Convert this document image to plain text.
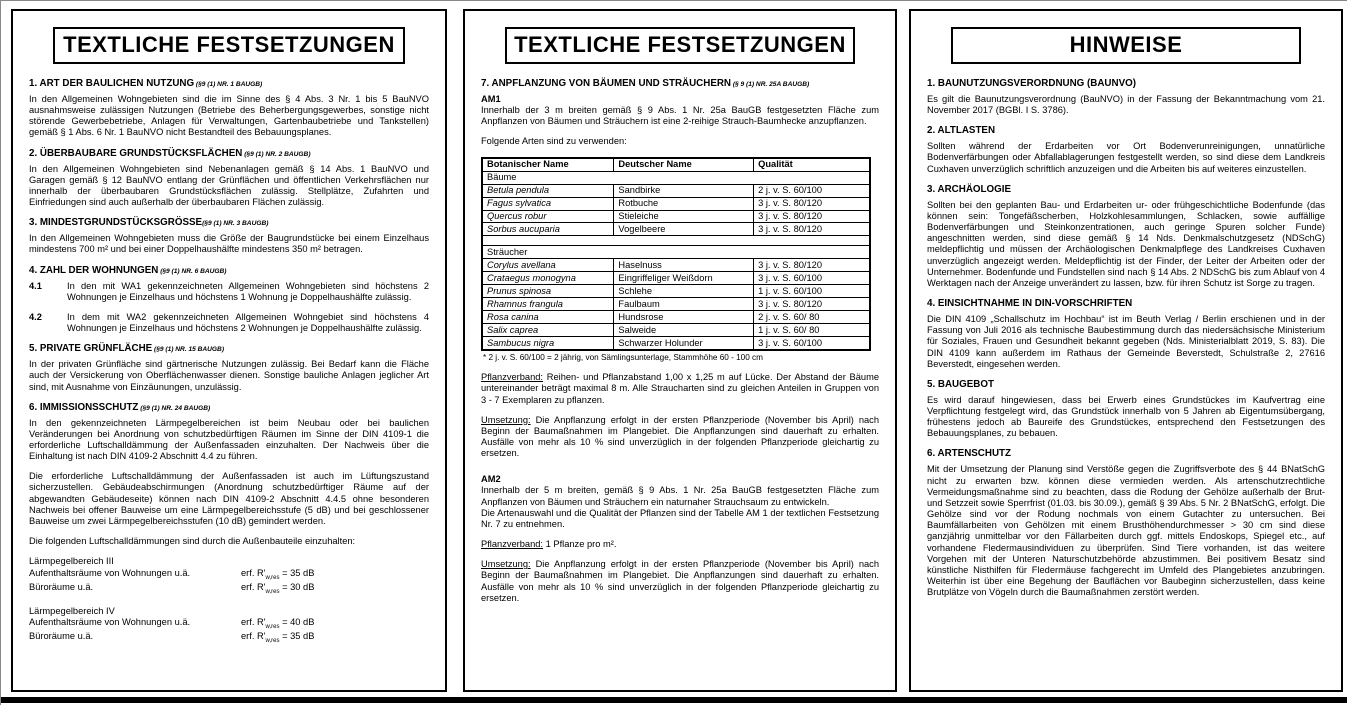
TEXTLICHE FESTSETZUNGEN
1. ART DER BAULICHEN NUTZUNG (§9 (1) NR. 1 BAUGB)
In den Allgemeinen Wohngebieten sind die im Sinne des § 4 Abs. 3 Nr. 1 bis 5 BauNVO ausnahmsweise zulässigen Nutzungen (Betriebe des Beherbergungsgewerbes, sonstige nicht störende Gewerbebetriebe, Anlagen für Verwaltungen, Gartenbaubetriebe und Tankstellen) gemäß § 1 Abs. 6 Nr. 1 BauNVO nicht Bestandteil des Bebauungsplanes.
2. ÜBERBAUBARE GRUNDSTÜCKSFLÄCHEN (§9 (1) NR. 2 BAUGB)
In den Allgemeinen Wohngebieten sind Nebenanlagen gemäß § 14 Abs. 1 BauNVO und Garagen gemäß § 12 BauNVO entlang der Grünflächen und öffentlichen Verkehrsflächen nur innerhalb der überbaubaren Grundstücksflächen zulässig. Stellplätze, Zufahrten und Einfriedungen sind auch außerhalb der überbaubaren Flächen zulässig.
3. MINDESTGRUNDSTÜCKSGRÖSSE(§9 (1) NR. 3 BAUGB)
In den Allgemeinen Wohngebieten muss die Größe der Baugrundstücke bei einem Einzelhaus mindestens 700 m² und bei einer Doppelhaushälfte mindestens 350 m² betragen.
4. ZAHL DER WOHNUNGEN (§9 (1) NR. 6 BAUGB)
4.1	In den mit WA1 gekennzeichneten Allgemeinen Wohngebieten sind höchstens 2 Wohnungen je Einzelhaus und höchstens 1 Wohnung je Doppelhaushälfte zulässig.
4.2	In dem mit WA2 gekennzeichneten Allgemeinen Wohngebiet sind höchstens 4 Wohnungen je Einzelhaus und höchstens 2 Wohnungen je Doppelhaushälfte zulässig.
5. PRIVATE GRÜNFLÄCHE (§9 (1) NR. 15 BAUGB)
In der privaten Grünfläche sind gärtnerische Nutzungen zulässig. Bei Bedarf kann die Fläche auch der Versickerung von Oberflächenwasser dienen. Sonstige bauliche Anlagen jeglicher Art sind, mit Ausnahme von Einzäunungen, unzulässig.
6. IMMISSIONSSCHUTZ (§9 (1) NR. 24 BAUGB)
In den gekennzeichneten Lärmpegelbereichen ist beim Neubau oder bei baulichen Veränderungen bei Anordnung von schutzbedürftigen Räumen im Sinne der DIN 4109-1 die erforderliche Luftschalldämmung der Außenfassaden einzuhalten. Der Nachweis über die Einhaltung ist nach DIN 4109-2 Abschnitt 4.4 zu führen.
Die erforderliche Luftschalldämmung der Außenfassaden ist auch im Lüftungszustand sicherzustellen. Gebäudeabschirmungen (Anordnung schutzbedürftiger Räume auf der abgewandten Gebäudeseite) können nach DIN 4109-2 Abschnitt 4.4.5 ohne besonderen Nachweis bei offener Bauweise um eine Lärmpegelbereichsstufe (5 dB) und bei geschlossener Bauweise um zwei Lärmpegelbereichsstufen (10 dB) gemindert werden.
Die folgenden Luftschalldämmungen sind durch die Außenbauteile einzuhalten:
Lärmpegelbereich III
Aufenthaltsräume von Wohnungen u.ä.	erf. $R'_{w,res} = 35$ dB
Büroräume u.ä.	erf. $R'_{w,res} = 30$ dB
Lärmpegelbereich IV
Aufenthaltsräume von Wohnungen u.ä.	erf. $R'_{w,res} = 40$ dB
Büroräume u.ä.	erf. $R'_{w,res} = 35$ dB
TEXTLICHE FESTSETZUNGEN
7. ANPFLANZUNG VON BÄUMEN UND STRÄUCHERN (§ 9 (1) NR. 25A BAUGB)
AM1
Innerhalb der 3 m breiten gemäß § 9 Abs. 1 Nr. 25a BauGB festgesetzten Fläche zum Anpflanzen von Bäumen und Sträuchern ist eine 2-reihige Strauch-Baumhecke anzupflanzen.
Folgende Arten sind zu verwenden:
Botanischer Name	Deutscher Name	Qualität
Bäume		
Betula pendula	Sandbirke	2 j. v. S. 60/100
Fagus sylvatica	Rotbuche	3 j. v. S. 80/120
Quercus robur	Stieleiche	3 j. v. S. 80/120
Sorbus aucuparia	Vogelbeere	3 j. v. S. 80/120

Sträucher		
Corylus avellana	Haselnuss	3 j. v. S. 80/120
Crataegus monogyna	Eingriffeliger Weißdorn	3 j. v. S. 60/100
Prunus spinosa	Schlehe	1 j. v. S. 60/100
Rhamnus frangula	Faulbaum	3 j. v. S. 80/120
Rosa canina	Hundsrose	2 j. v. S. 60/ 80
Salix caprea	Salweide	1 j. v. S. 60/ 80
Sambucus nigra	Schwarzer Holunder	3 j. v. S. 60/100
* 2 j. v. S. 60/100 = 2 jährig, von Sämlingsunterlage, Stammhöhe 60 - 100 cm
Pflanzverband: Reihen- und Pflanzabstand 1,00 x 1,25 m auf Lücke. Der Abstand der Bäume untereinander beträgt maximal 8 m. Alle Straucharten sind zu gleichen Anteilen in Gruppen von 3 - 7 Exemplaren zu pflanzen.
Umsetzung: Die Anpflanzung erfolgt in der ersten Pflanzperiode (November bis April) nach Beginn der Baumaßnahmen im Plangebiet. Die Anpflanzungen sind dauerhaft zu erhalten. Ausfälle von mehr als 10 % sind unverzüglich in der folgenden Pflanzperiode gleichartig zu ersetzen.
AM2
Innerhalb der 5 m breiten, gemäß § 9 Abs. 1 Nr. 25a BauGB festgesetzten Fläche zum Anpflanzen von Bäumen und Sträuchern ein naturnaher Strauchsaum zu entwickeln.
Die Artenauswahl und die Qualität der Pflanzen sind der Tabelle AM 1 der textlichen Festsetzung Nr. 7 zu entnehmen.
Pflanzverband: 1 Pflanze pro m².
Umsetzung: Die Anpflanzung erfolgt in der ersten Pflanzperiode (November bis April) nach Beginn der Baumaßnahmen im Plangebiet. Die Anpflanzungen sind dauerhaft zu erhalten. Ausfälle von mehr als 10 % sind unverzüglich in der folgenden Pflanzperiode gleichartig zu ersetzen.
HINWEISE
1. BAUNUTZUNGSVERORDNUNG (BAUNVO)
Es gilt die Baunutzungsverordnung (BauNVO) in der Fassung der Bekanntmachung vom 21. November 2017 (BGBl. I S. 3786).
2. ALTLASTEN
Sollten während der Erdarbeiten vor Ort Bodenverunreinigungen, unnatürliche Bodenverfärbungen oder Abfallablagerungen festgestellt werden, so sind diese dem Landkreis Cuxhaven unverzüglich schriftlich anzuzeigen und die Arbeiten bis auf weiteres einzustellen.
3. ARCHÄOLOGIE
Sollten bei den geplanten Bau- und Erdarbeiten ur- oder frühgeschichtliche Bodenfunde (das können sein: Tongefäßscherben, Holzkohlesammlungen, Schlacken, sowie auffällige Bodenverfärbungen und Steinkonzentrationen, auch geringe Spuren solcher Funde) angeschnitten werden, sind diese gemäß § 14 Nds. Denkmalschutzgesetz (NDSchG) meldepflichtig und müssen der Archäologischen Denkmalpflege des Landkreises Cuxhaven unverzüglich angezeigt werden. Meldepflichtig ist der Finder, der Leiter der Arbeiten oder der Unternehmer. Bodenfunde und Fundstellen sind nach § 14 Abs. 2 NDSchG bis zum Ablauf von 4 Werktagen nach der Anzeige unverändert zu lassen, bzw. für ihren Schutz ist Sorge zu tragen.
4. EINSICHTNAHME IN DIN-VORSCHRIFTEN
Die DIN 4109 „Schallschutz im Hochbau“ ist im Beuth Verlag / Berlin erschienen und in der Fassung von Juli 2016 als technische Baubestimmung durch das niedersächsische Ministerium für Soziales, Frauen und Gesundheit bekannt gegeben (Nds. Ministerialblatt 2019, S. 83). Die DIN 4109 kann außerdem im Rathaus der Gemeinde Beverstedt, Schulstraße 2, 27616 Beverstedt, eingesehen werden.
5. BAUGEBOT
Es wird darauf hingewiesen, dass bei Erwerb eines Grundstückes im Kaufvertrag eine Verpflichtung festgelegt wird, das Grundstück innerhalb von 5 Jahren ab Eigentumsübergang, frühestens jedoch ab Baureife des Grundstückes, entsprechend den Festsetzungen des Bebauungsplanes, zu bebauen.
6. ARTENSCHUTZ
Mit der Umsetzung der Planung sind Verstöße gegen die Zugriffsverbote des § 44 BNatSchG nicht zu erwarten bzw. können diese vermieden werden. Als artenschutzrechtliche Vermeidungsmaßnahme sind zu beachten, dass die Rodung der Gehölze außerhalb der Brut- und Setzzeit sowie Sperrfrist (01.03. bis 30.09.), gemäß § 39 Abs. 5 Nr. 2 BNatSchG, erfolgt. Die Gehölze sind vor der Rodung nochmals von einem Gutachter zu untersuchen. Bei Baumfällarbeiten von Gehölzen mit einem Brusthöhendurchmesser > 30 cm sind diese ganzjährig unmittelbar vor den Fällarbeiten durch ggf. mittels Endoskops, Spiegel etc., auf vorhandene Fledermausindividuen zu überprüfen. Sind Tiere vorhanden, ist das weitere Vorgehen mit der Unteren Naturschutzbehörde abzustimmen. Bei positivem Besatz sind künstliche Nisthilfen für Fledermäuse fachgerecht im Umfeld des Plangebietes anzubringen. Weiterhin ist über eine Begehung der Bauflächen vor Baubeginn sicherzustellen, dass keine Brutplätze von Vögeln durch die Baumaßnahmen zerstört werden.
